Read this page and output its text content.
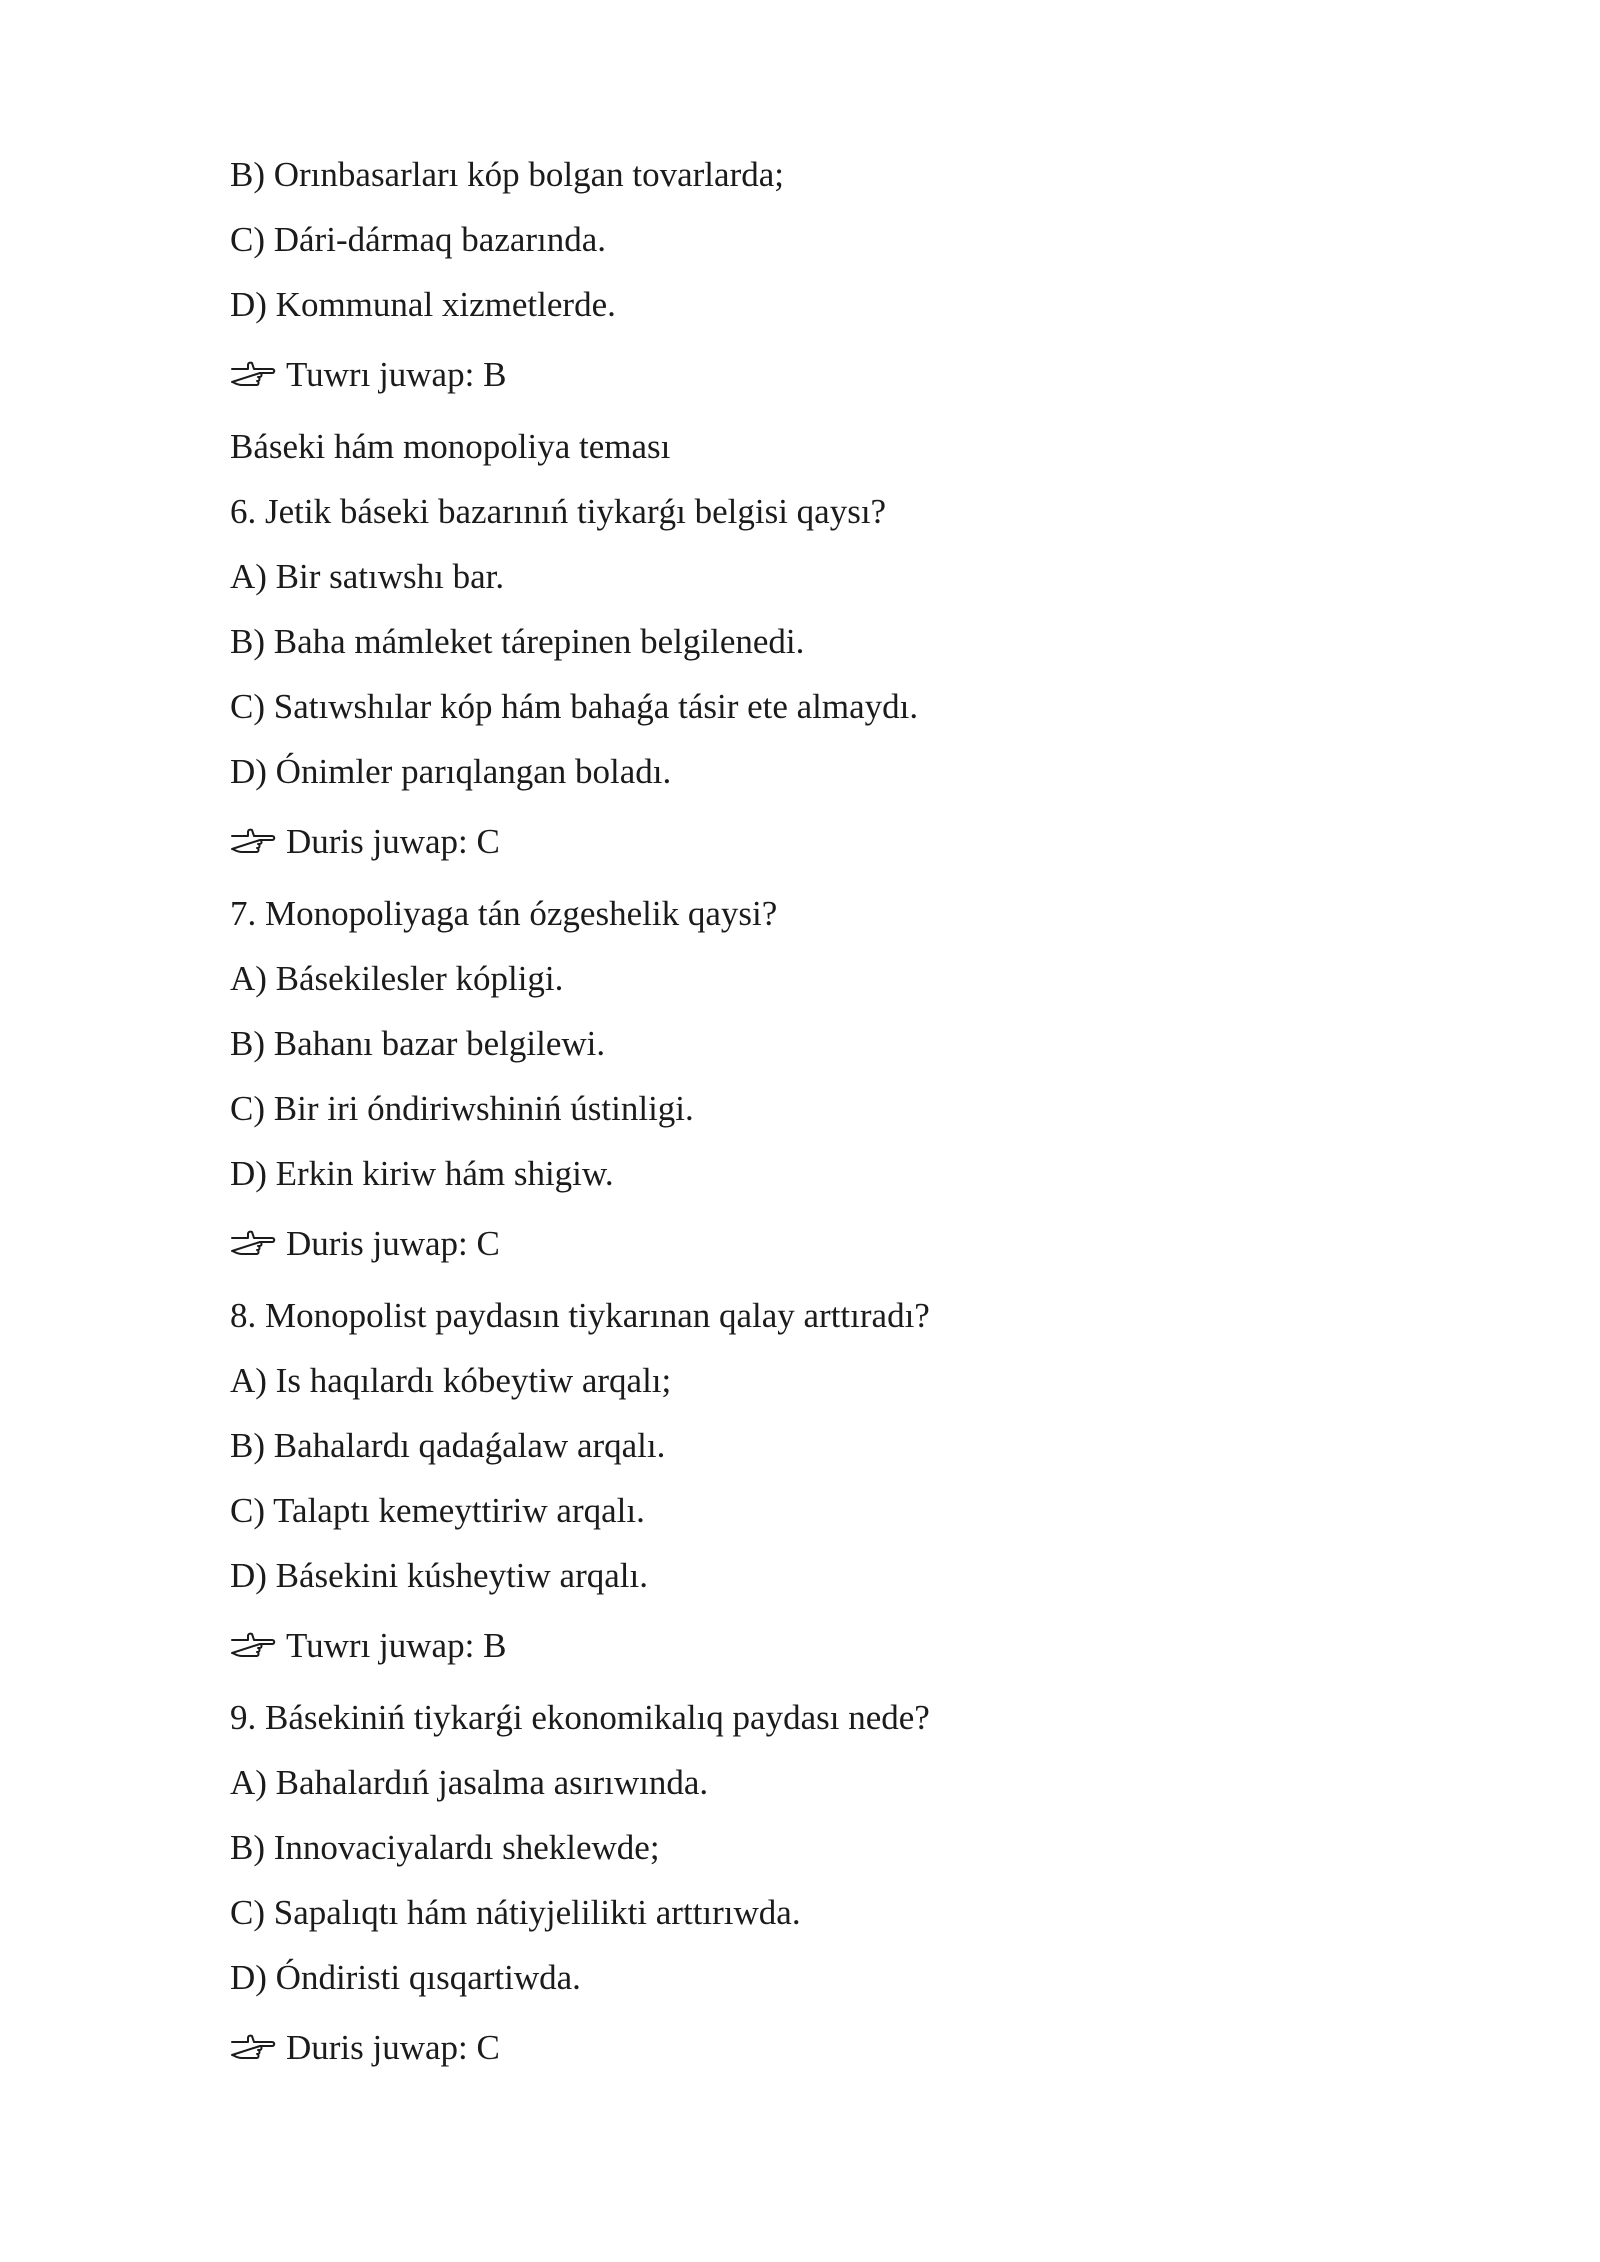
B) Orınbasarları kóp bolgan tovarlarda;
C) Dári-dármaq bazarında.
D) Kommunal xizmetlerde.
Tuwrı juwap: B
Báseki hám monopoliya teması
6. Jetik báseki bazarınıń tiykarǵı belgisi qaysı?
A) Bir satıwshı bar.
B) Baha mámleket tárepinen belgilenedi.
C) Satıwshılar kóp hám bahaǵa tásir ete almaydı.
D) Ónimler parıqlangan boladı.
Duris juwap: C
7. Monopoliyaga tán ózgeshelik qaysi?
A) Básekilesler kópligi.
B) Bahanı bazar belgilewi.
C) Bir iri óndiriwshiniń ústinligi.
D) Erkin kiriw hám shigiw.
Duris juwap: C
8. Monopolist paydasın tiykarınan qalay arttıradı?
A) Is haqılardı kóbeytiw arqalı;
B) Bahalardı qadaǵalaw arqalı.
C) Talaptı kemeyttiriw arqalı.
D) Básekini kúsheytiw arqalı.
Tuwrı juwap: B
9. Básekiniń tiykarǵi ekonomikalıq paydası nede?
A) Bahalardıń jasalma asırıwında.
B) Innovaciyalardı sheklewde;
C) Sapalıqtı hám nátiyjelilikti arttırıwda.
D) Óndiristi qısqartiwda.
Duris juwap: C
